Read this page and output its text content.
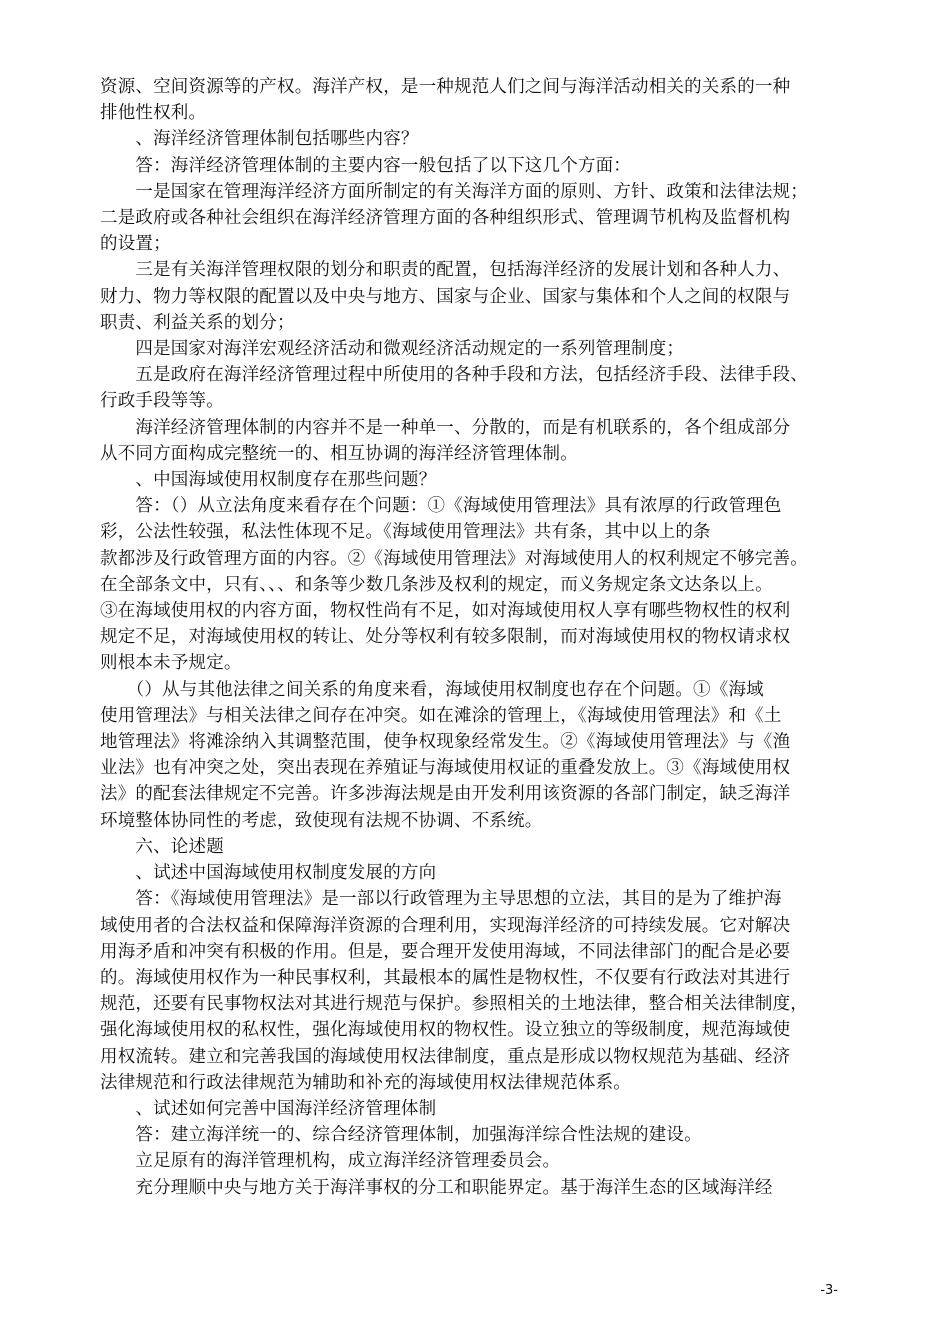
资源、空间资源等的产权。海洋产权，是一种规范人们之间与海洋活动相关的关系的一种
排他性权利。
　　、海洋经济管理体制包括哪些内容？
　　答：海洋经济管理体制的主要内容一般包括了以下这几个方面：
　　一是国家在管理海洋经济方面所制定的有关海洋方面的原则、方针、政策和法律法规；
二是政府或各种社会组织在海洋经济管理方面的各种组织形式、管理调节机构及监督机构
的设置；
　　三是有关海洋管理权限的划分和职责的配置，包括海洋经济的发展计划和各种人力、
财力、物力等权限的配置以及中央与地方、国家与企业、国家与集体和个人之间的权限与
职责、利益关系的划分；
　　四是国家对海洋宏观经济活动和微观经济活动规定的一系列管理制度；
　　五是政府在海洋经济管理过程中所使用的各种手段和方法，包括经济手段、法律手段、
行政手段等等。
　　海洋经济管理体制的内容并不是一种单一、分散的，而是有机联系的，各个组成部分
从不同方面构成完整统一的、相互协调的海洋经济管理体制。
　　、中国海域使用权制度存在那些问题？
　　答：（）从立法角度来看存在个问题：①《海域使用管理法》具有浓厚的行政管理色
彩，公法性较强，私法性体现不足。《海域使用管理法》共有条，其中以上的条
款都涉及行政管理方面的内容。②《海域使用管理法》对海域使用人的权利规定不够完善。
在全部条文中，只有、、、和条等少数几条涉及权利的规定，而义务规定条文达条以上。
③在海域使用权的内容方面，物权性尚有不足，如对海域使用权人享有哪些物权性的权利
规定不足，对海域使用权的转让、处分等权利有较多限制，而对海域使用权的物权请求权
则根本未予规定。
　　（）从与其他法律之间关系的角度来看，海域使用权制度也存在个问题。①《海域
使用管理法》与相关法律之间存在冲突。如在滩涂的管理上，《海域使用管理法》和《土
地管理法》将滩涂纳入其调整范围，使争权现象经常发生。②《海域使用管理法》与《渔
业法》也有冲突之处，突出表现在养殖证与海域使用权证的重叠发放上。③《海域使用权
法》的配套法律规定不完善。许多涉海法规是由开发利用该资源的各部门制定，缺乏海洋
环境整体协同性的考虑，致使现有法规不协调、不系统。
　　六、论述题
　　、试述中国海域使用权制度发展的方向
　　答：《海域使用管理法》是一部以行政管理为主导思想的立法，其目的是为了维护海
域使用者的合法权益和保障海洋资源的合理利用，实现海洋经济的可持续发展。它对解决
用海矛盾和冲突有积极的作用。但是，要合理开发使用海域，不同法律部门的配合是必要
的。海域使用权作为一种民事权利，其最根本的属性是物权性，不仅要有行政法对其进行
规范，还要有民事物权法对其进行规范与保护。参照相关的土地法律，整合相关法律制度，
强化海域使用权的私权性，强化海域使用权的物权性。设立独立的等级制度，规范海域使
用权流转。建立和完善我国的海域使用权法律制度，重点是形成以物权规范为基础、经济
法律规范和行政法律规范为辅助和补充的海域使用权法律规范体系。
　　、试述如何完善中国海洋经济管理体制
　　答：建立海洋统一的、综合经济管理体制，加强海洋综合性法规的建设。
　　立足原有的海洋管理机构，成立海洋经济管理委员会。
　　充分理顺中央与地方关于海洋事权的分工和职能界定。基于海洋生态的区域海洋经
-3-
